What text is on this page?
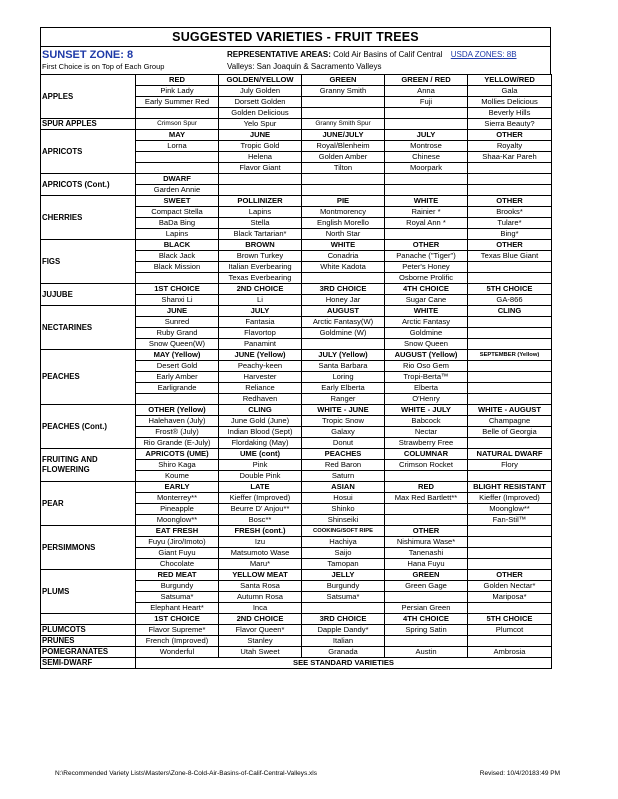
SUGGESTED VARIETIES - FRUIT TREES
SUNSET ZONE: 8
First Choice is on Top of Each Group
REPRESENTATIVE AREAS: Cold Air Basins of Calif Central USDA ZONES: 8B
Valleys: San Joaquin & Sacramento Valleys
APPLES	RED	GOLDEN/YELLOW	GREEN	GREEN / RED	YELLOW/RED
	Pink Lady	July Golden	Granny Smith	Anna	Gala
	Early Summer Red	Dorsett Golden		Fuji	Mollies Delicious
		Golden Delicious			Beverly Hills
SPUR APPLES	Crimson Spur	Yelo Spur	Granny Smith Spur		Sierra Beauty?
APRICOTS	MAY	JUNE	JUNE/JULY	JULY	OTHER
	Lorna	Tropic Gold	Royal/Blenheim	Montrose	Royalty
		Helena	Golden Amber	Chinese	Shaa-Kar Pareh
		Flavor Giant	Tilton	Moorpark	
APRICOTS (Cont.)	DWARF				
	Garden Annie				
CHERRIES	SWEET	POLLINIZER	PIE	WHITE	OTHER
	Compact Stella	Lapins	Montmorency	Rainier *	Brooks*
	BaDa Bing	Stella	English Morello	Royal Ann *	Tulare*
	Lapins	Black Tartarian*	North Star		Bing*
FIGS	BLACK	BROWN	WHITE	OTHER	OTHER
	Black Jack	Brown Turkey	Conadria	Panache ("Tiger")	Texas Blue Giant
	Black Mission	Italian Everbearing	White Kadota	Peter's Honey	
		Texas Everbearing		Osborne Prolific	
JUJUBE	1ST CHOICE	2ND CHOICE	3RD CHOICE	4TH CHOICE	5TH CHOICE
	Shanxi Li	Li	Honey Jar	Sugar Cane	GA-866
NECTARINES	JUNE	JULY	AUGUST	WHITE	CLING
	Sunred	Fantasia	Arctic Fantasy(W)	Arctic Fantasy	
	Ruby Grand	Flavortop	Goldmine (W)	Goldmine	
	Snow Queen(W)	Panamint		Snow Queen	
PEACHES	MAY (Yellow)	JUNE (Yellow)	JULY (Yellow)	AUGUST (Yellow)	SEPTEMBER (Yellow)
	Desert Gold	Peachy-keen	Santa Barbara	Rio Oso Gem	
	Early Amber	Harvester	Loring	Tropi-Berta™	
	Earligrande	Reliance	Early Elberta	Elberta	
		Redhaven	Ranger	O'Henry	
PEACHES (Cont.)	OTHER (Yellow)	CLING	WHITE - JUNE	WHITE - JULY	WHITE - AUGUST
	Halehaven (July)	June Gold (June)	Tropic Snow	Babcock	Champagne
	Frost® (July)	Indian Blood (Sept)	Galaxy	Nectar	Belle of Georgia
	Rio Grande (E-July)	Flordaking (May)	Donut	Strawberry Free	
FRUITING AND FLOWERING	APRICOTS (UME)	UME (cont)	PEACHES	COLUMNAR	NATURAL DWARF
	Shiro Kaga	Pink	Red Baron	Crimson Rocket	Flory
	Koume	Double Pink	Saturn		
PEAR	EARLY	LATE	ASIAN	RED	BLIGHT RESISTANT
	Monterrey**	Kieffer (Improved)	Hosui	Max Red Bartlett**	Kieffer (Improved)
	Pineapple	Beurre D' Anjou**	Shinko		Moonglow**
	Moonglow**	Bosc**	Shinseiki		Fan-Stil™
PERSIMMONS	EAT FRESH	FRESH (cont.)	COOKING/SOFT RIPE	OTHER	
	Fuyu (Jiro/Imoto)	Izu	Hachiya	Nishimura Wase*	
	Giant Fuyu	Matsumoto Wase	Saijo	Tanenashi	
	Chocolate	Maru*	Tamopan	Hana Fuyu	
PLUMS	RED MEAT	YELLOW MEAT	JELLY	GREEN	OTHER
	Burgundy	Santa Rosa	Burgundy	Green Gage	Golden Nectar*
	Satsuma*	Autumn Rosa	Satsuma*		Mariposa*
	Elephant Heart*	Inca		Persian Green	
	1ST CHOICE	2ND CHOICE	3RD CHOICE	4TH CHOICE	5TH CHOICE
PLUMCOTS	Flavor Supreme*	Flavor Queen*	Dapple Dandy*	Spring Satin	Plumcot
PRUNES	French (Improved)	Stanley	Italian		
POMEGRANATES	Wonderful	Utah Sweet	Granada	Austin	Ambrosia
SEMI-DWARF	SEE STANDARD VARIETIES				
N:\Recommended Variety Lists\Masters\Zone-8-Cold-Air-Basins-of-Calif-Central-Valleys.xls	Revised: 10/4/20183:49 PM
